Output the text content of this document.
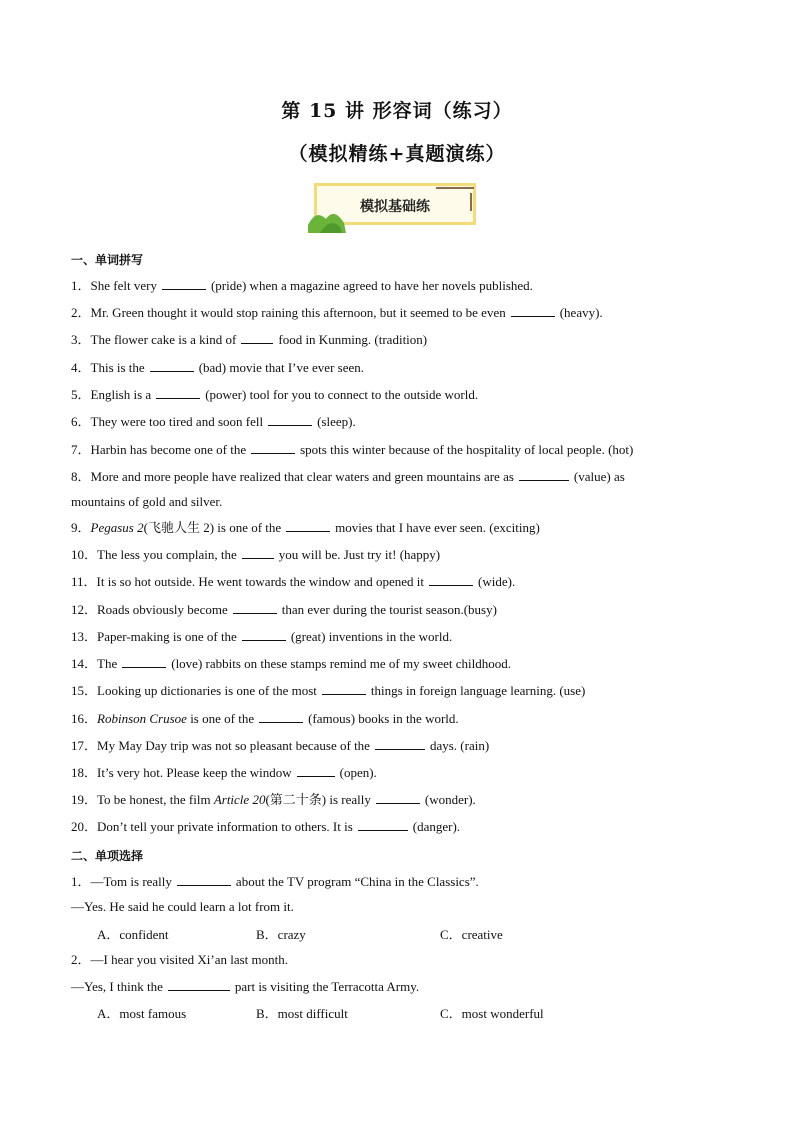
第 15 讲 形容词（练习）
（模拟精练+真题演练）
模拟基础练
一、单词拼写
1．She felt very	(pride) when a magazine agreed to have her novels published.
2．Mr. Green thought it would stop raining this afternoon, but it seemed to be even	(heavy).
3．The flower cake is a kind of	food in Kunming. (tradition)
4．This is the	(bad) movie that I’ve ever seen.
5．English is a	(power) tool for you to connect to the outside world.
6．They were too tired and soon fell	(sleep).
7．Harbin has become one of the	spots this winter because of the hospitality of local people. (hot)
8．More and more people have realized that clear waters and green mountains are as	(value) as
mountains of gold and silver.
9．Pegasus 2(飞驰人生 2) is one of the	movies that I have ever seen. (exciting)
10．The less you complain, the	you will be. Just try it! (happy)
11．It is so hot outside. He went towards the window and opened it	(wide).
12．Roads obviously become	than ever during the tourist season.(busy)
13．Paper-making is one of the	(great) inventions in the world.
14．The	(love) rabbits on these stamps remind me of my sweet childhood.
15．Looking up dictionaries is one of the most	things in foreign language learning. (use)
16．Robinson Crusoe is one of the	(famous) books in the world.
17．My May Day trip was not so pleasant because of the	days. (rain)
18．It’s very hot. Please keep the window	(open).
19．To be honest, the film Article 20(第二十条) is really	(wonder).
20．Don’t tell your private information to others. It is	(danger).
二、单项选择
1．—Tom is really	about the TV program “China in the Classics”.
—Yes. He said he could learn a lot from it.
A．confident	B．crazy	C．creative
2．—I hear you visited Xi’an last month.
—Yes, I think the	part is visiting the Terracotta Army.
A．most famous	B．most difficult	C．most wonderful
